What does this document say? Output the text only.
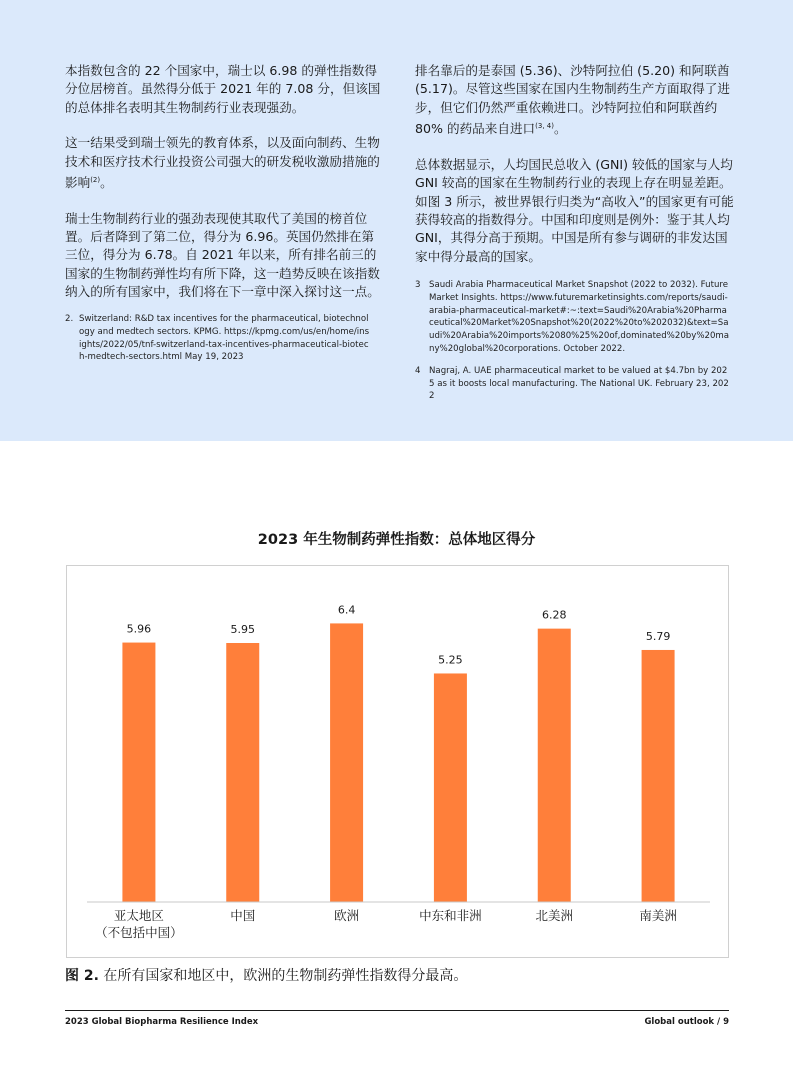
本指数包含的 22 个国家中，瑞士以 6.98 的弹性指数得分位居榜首。虽然得分低于 2021 年的 7.08 分，但该国的总体排名表明其生物制药行业表现强劲。

这一结果受到瑞士领先的教育体系，以及面向制药、生物技术和医疗技术行业投资公司强大的研发税收激励措施的影响$^{(2)}$。

瑞士生物制药行业的强劲表现使其取代了美国的榜首位置。后者降到了第二位，得分为 6.96。英国仍然排在第三位，得分为 6.78。自 2021 年以来，所有排名前三的国家的生物制药弹性均有所下降，这一趋势反映在该指数纳入的所有国家中，我们将在下一章中深入探讨这一点。

2. Switzerland: R&D tax incentives for the pharmaceutical, biotechnology and medtech sectors. KPMG. https://kpmg.com/us/en/home/insights/2022/05/tnf-switzerland-tax-incentives-pharmaceutical-biotech-medtech-sectors.html May 19, 2023

排名靠后的是泰国 (5.36)、沙特阿拉伯 (5.20) 和阿联酋 (5.17)。尽管这些国家在国内生物制药生产方面取得了进步，但它们仍然严重依赖进口。沙特阿拉伯和阿联酋约 80% 的药品来自进口$^{(3, 4)}$。

总体数据显示，人均国民总收入 (GNI) 较低的国家与人均 GNI 较高的国家在生物制药行业的表现上存在明显差距。如图 3 所示，被世界银行归类为“高收入”的国家更有可能获得较高的指数得分。中国和印度则是例外：鉴于其人均 GNI，其得分高于预期。中国是所有参与调研的非发达国家中得分最高的国家。

3 Saudi Arabia Pharmaceutical Market Snapshot (2022 to 2032). Future Market Insights. https://www.futuremarketinsights.com/reports/saudi-arabia-pharmaceutical-market#:~:text=Saudi%20Arabia%20Pharmaceutical%20Market%20Snapshot%20(2022%20to%202032)&text=Saudi%20Arabia%20imports%2080%25%20of,dominated%20by%20many%20global%20corporations. October 2022.
4 Nagraj, A. UAE pharmaceutical market to be valued at $4.7bn by 2025 as it boosts local manufacturing. The National UK. February 23, 2022
2023 年生物制药弹性指数：总体地区得分
5.96
亚太地区
（不包括中国）
5.95
中国
6.4
欧洲
5.25
中东和非洲
6.28
北美洲
5.79
南美洲
图 2. 在所有国家和地区中，欧洲的生物制药弹性指数得分最高。
2023 Global Biopharma Resilience Index	Global outlook / 9
